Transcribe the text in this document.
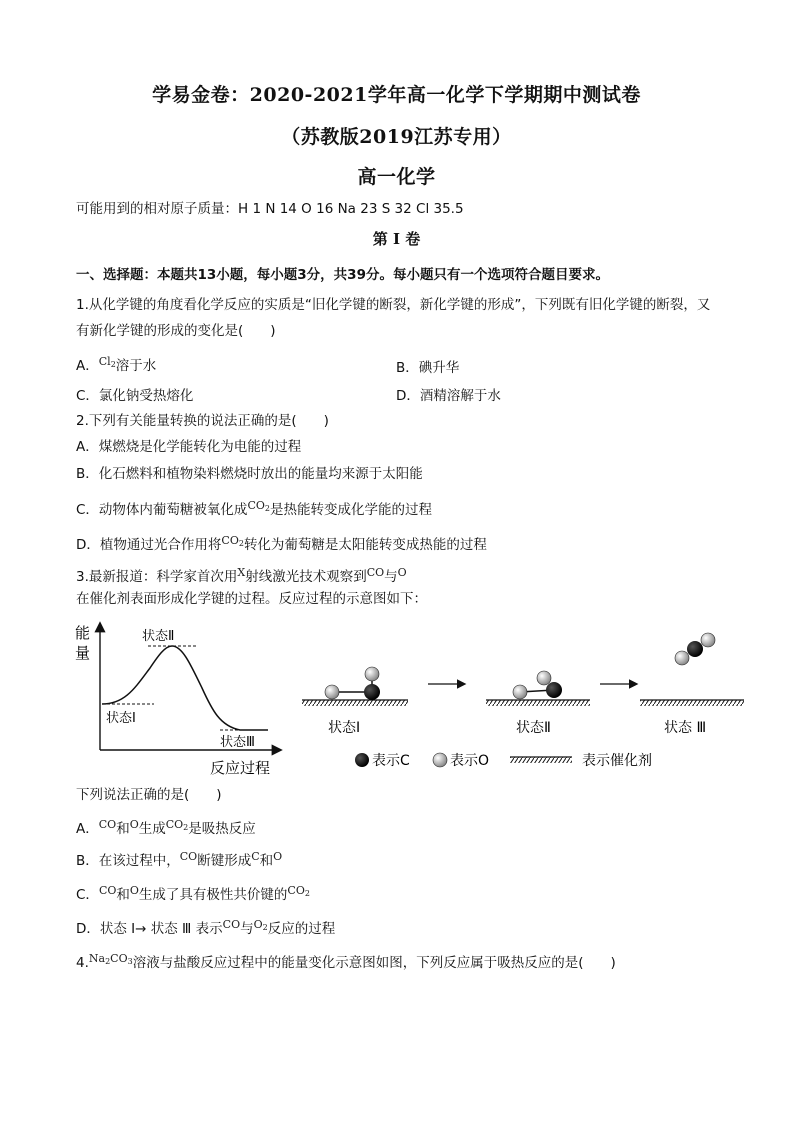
学易金卷：2020-2021学年高一化学下学期期中测试卷
（苏教版2019江苏专用）
高一化学
可能用到的相对原子质量：H 1 N 14 O 16 Na 23 S 32 Cl 35.5
第 I 卷
一、选择题：本题共13小题，每小题3分，共39分。每小题只有一个选项符合题目要求。
1.从化学键的角度看化学反应的实质是“旧化学键的断裂，新化学键的形成”，下列既有旧化学键的断裂，又
有新化学键的形成的变化是(　　)
A．$^{Cl_2}$溶于水	B．碘升华
C．氯化钠受热熔化	D．酒精溶解于水
2.下列有关能量转换的说法正确的是(　　)
A．煤燃烧是化学能转化为电能的过程
B．化石燃料和植物染料燃烧时放出的能量均来源于太阳能
C．动物体内葡萄糖被氧化成$^{CO_2}$是热能转变成化学能的过程
D．植物通过光合作用将$^{CO_2}$转化为葡萄糖是太阳能转变成热能的过程
3.最新报道：科学家首次用$^X$射线激光技术观察到$^{CO}$与$^O$
在催化剂表面形成化学键的过程。反应过程的示意图如下：
能
量
反应过程
状态I
状态Ⅱ
状态Ⅲ
状态I	状态Ⅱ	状态 Ⅲ
表示C	表示O	表示催化剂
下列说法正确的是(　　)
A．$^{CO}$和$^O$生成$^{CO_2}$是吸热反应
B．在该过程中，$^{CO}$断键形成$^C$和$^O$
C．$^{CO}$和$^O$生成了具有极性共价键的$^{CO_2}$
D．状态 Ⅰ→ 状态 Ⅲ 表示$^{CO}$与$^{O_2}$反应的过程
4.$^{Na_2CO_3}$溶液与盐酸反应过程中的能量变化示意图如图，下列反应属于吸热反应的是(　　)
